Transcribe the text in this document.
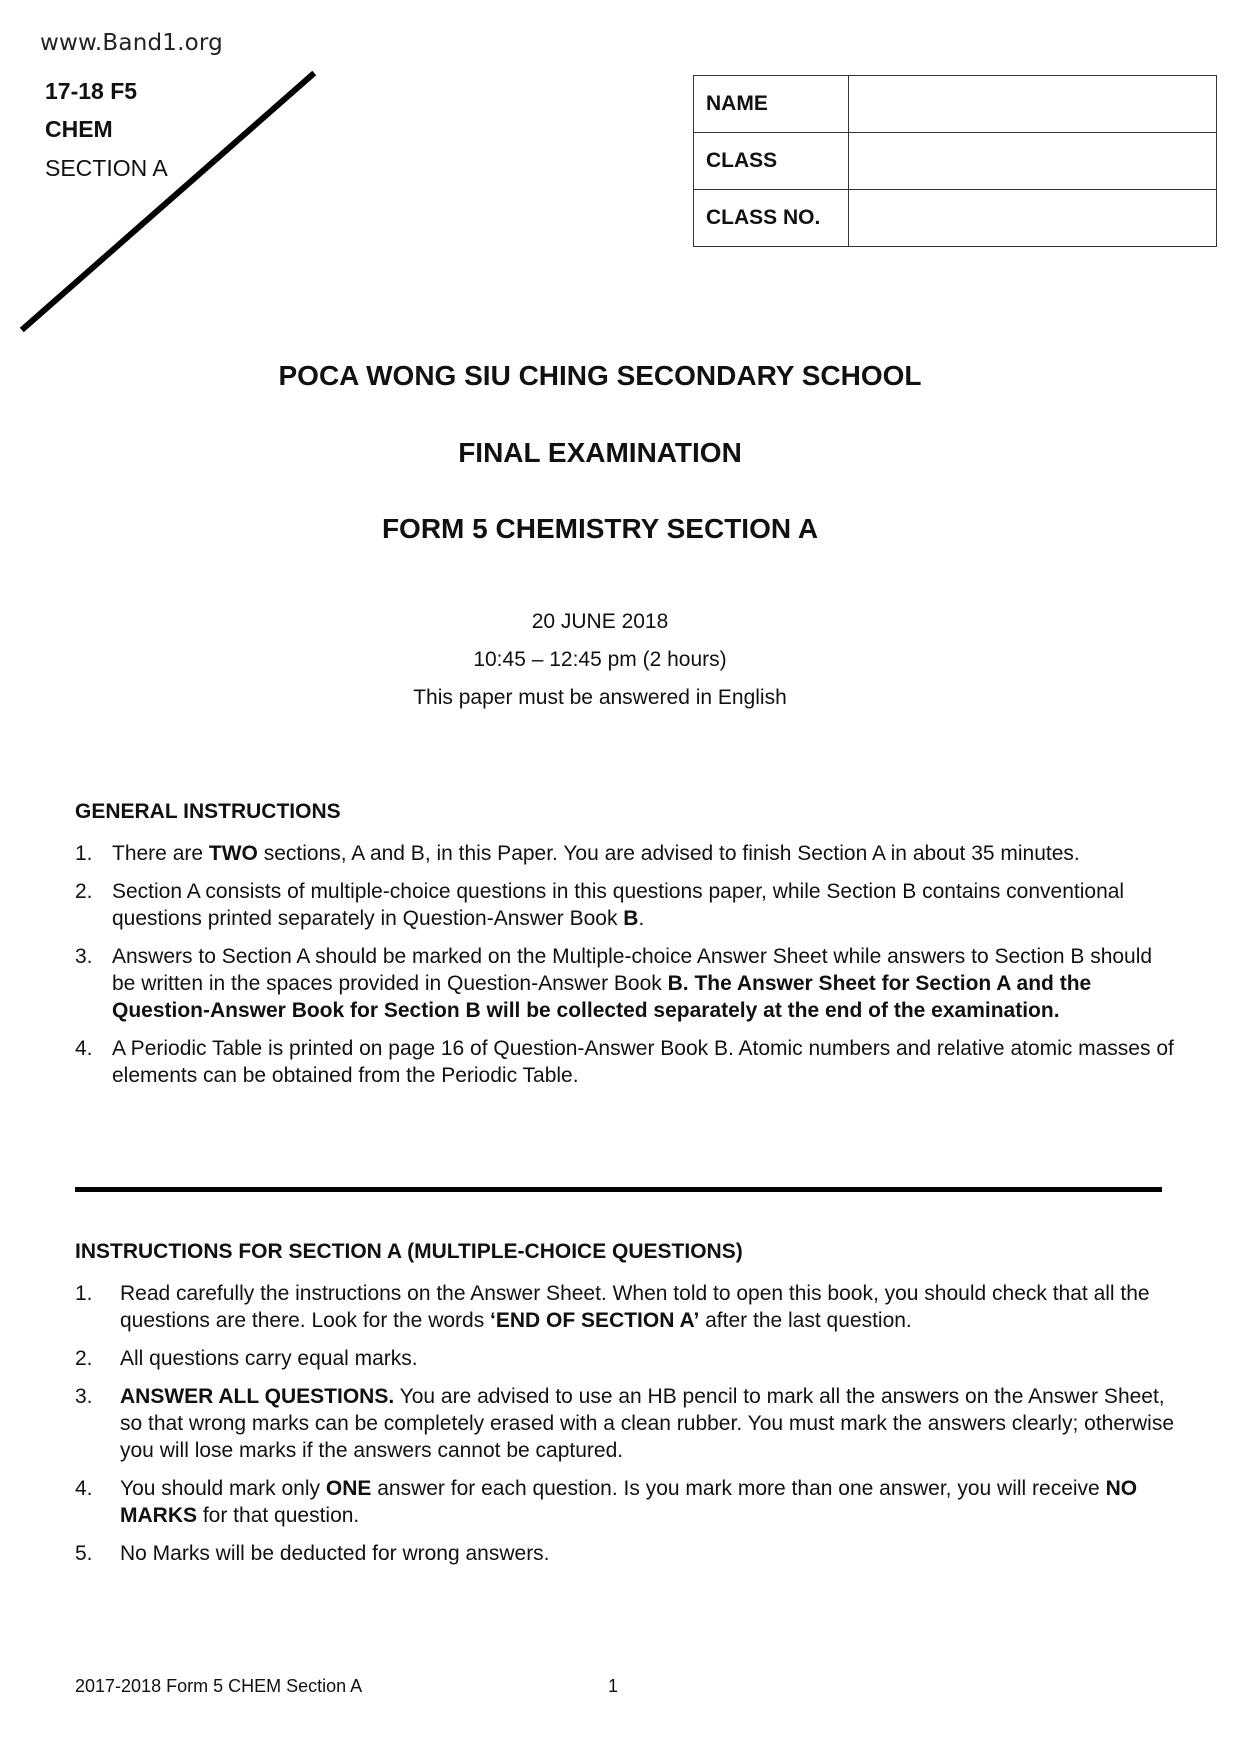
www.Band1.org
17-18 F5
CHEM
SECTION A
NAME	
CLASS	
CLASS NO.	
POCA WONG SIU CHING SECONDARY SCHOOL
FINAL EXAMINATION
FORM 5 CHEMISTRY SECTION A
20 JUNE 2018
10:45 – 12:45 pm (2 hours)
This paper must be answered in English
GENERAL INSTRUCTIONS
1. There are TWO sections, A and B, in this Paper. You are advised to finish Section A in about 35 minutes.
2. Section A consists of multiple-choice questions in this questions paper, while Section B contains conventional questions printed separately in Question-Answer Book B.
3. Answers to Section A should be marked on the Multiple-choice Answer Sheet while answers to Section B should be written in the spaces provided in Question-Answer Book B. The Answer Sheet for Section A and the Question-Answer Book for Section B will be collected separately at the end of the examination.
4. A Periodic Table is printed on page 16 of Question-Answer Book B. Atomic numbers and relative atomic masses of elements can be obtained from the Periodic Table.
INSTRUCTIONS FOR SECTION A (MULTIPLE-CHOICE QUESTIONS)
1. Read carefully the instructions on the Answer Sheet. When told to open this book, you should check that all the questions are there. Look for the words ‘END OF SECTION A’ after the last question.
2. All questions carry equal marks.
3. ANSWER ALL QUESTIONS. You are advised to use an HB pencil to mark all the answers on the Answer Sheet, so that wrong marks can be completely erased with a clean rubber. You must mark the answers clearly; otherwise you will lose marks if the answers cannot be captured.
4. You should mark only ONE answer for each question. Is you mark more than one answer, you will receive NO MARKS for that question.
5. No Marks will be deducted for wrong answers.
2017-2018 Form 5 CHEM Section A	1
